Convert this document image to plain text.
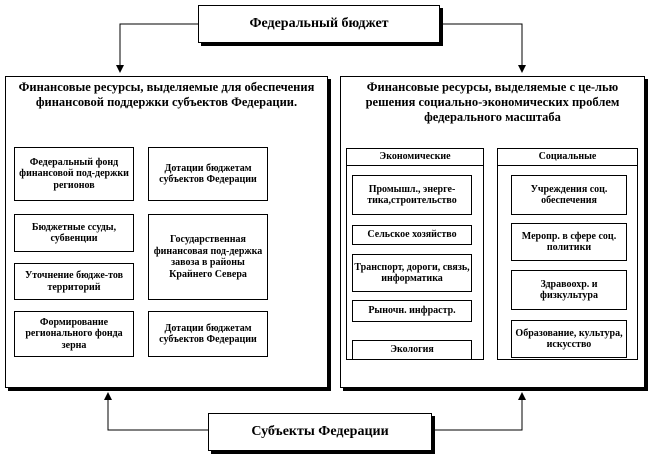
Федеральный бюджет
Финансовые ресурсы, выделяемые для обеспечения финансовой поддержки субъектов Федерации.
Федеральный фонд финансовой под-держки регионов
Дотации бюджетам субъектов Федерации
Бюджетные ссуды, субвенции	Государственная финансовая под-держка завоза в районы Крайнего Севера
Уточнение бюдже-тов территорий
Формирование регионального фонда зерна
Дотации бюджетам субъектов Федерации
Финансовые ресурсы, выделяемые с це-лью решения социально-экономических проблем федерального масштаба
Экономические
Промышл., энерге-тика,строительство
Сельское хозяйство
Транспорт, дороги, связь, информатика
Рыночн. инфрастр.
Экология
Социальные
Учреждения соц. обеспечения
Меропр. в сфере соц. политики
Здравоохр. и физкультура
Образование, культура, искусство
Субъекты Федерации
